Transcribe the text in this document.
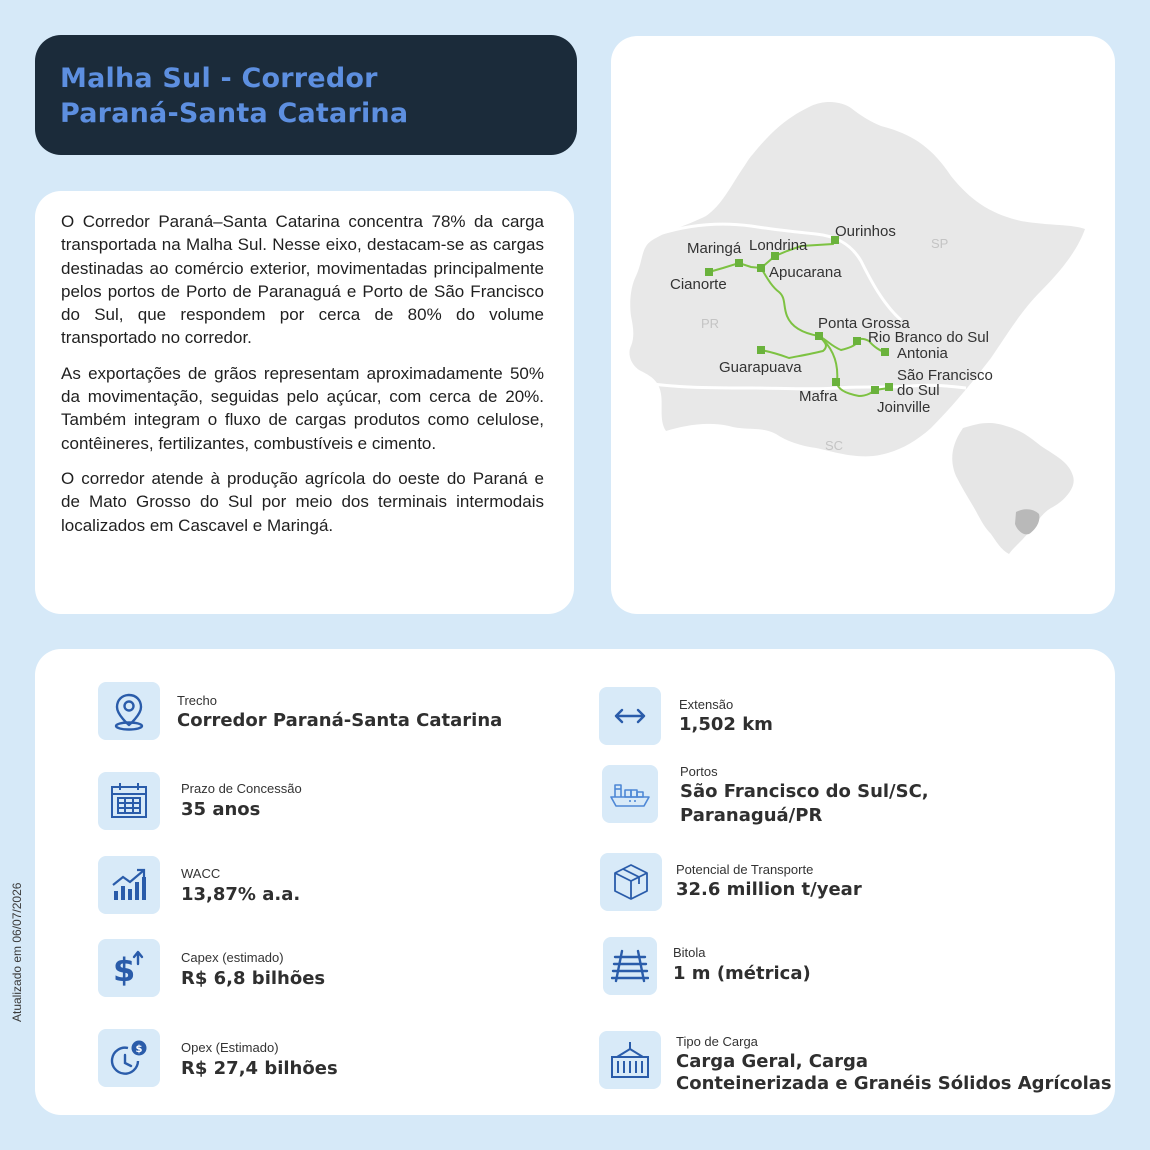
Malha Sul - Corredor
Paraná-Santa Catarina

O Corredor Paraná–Santa Catarina concentra 78% da carga transportada na Malha Sul. Nesse eixo, destacam-se as cargas destinadas ao comércio exterior, movimentadas principalmente pelos portos de Porto de Paranaguá e Porto de São Francisco do Sul, que respondem por cerca de 80% do volume transportado no corredor.

As exportações de grãos representam aproximadamente 50% da movimentação, seguidas pelo açúcar, com cerca de 20%. Também integram o fluxo de cargas produtos como celulose, contêineres, fertilizantes, combustíveis e cimento.

O corredor atende à produção agrícola do oeste do Paraná e de Mato Grosso do Sul por meio dos terminais intermodais localizados em Cascavel e Maringá.

SP
PR
SC
Ourinhos
Maringá Londrina
Apucarana
Cianorte
Ponta Grossa
Rio Branco do Sul
Antonia
Guarapuava	São Francisco
do Sul
Mafra
Joinville
Trecho
Corredor Paraná-Santa Catarina
Extensão
1,502 km
Prazo de Concessão
35 anos
Portos
São Francisco do Sul/SC,
Paranaguá/PR
WACC
13,87% a.a.
Potencial de Transporte
32.6 million t/year
$	Capex (estimado)
R$ 6,8 bilhões
Bitola
1 m (métrica)
$	Opex (Estimado)
R$ 27,4 bilhões
Tipo de Carga
Carga Geral, Carga
Conteinerizada e Granéis Sólidos Agrícolas
Atualizado em 06/07/2026
